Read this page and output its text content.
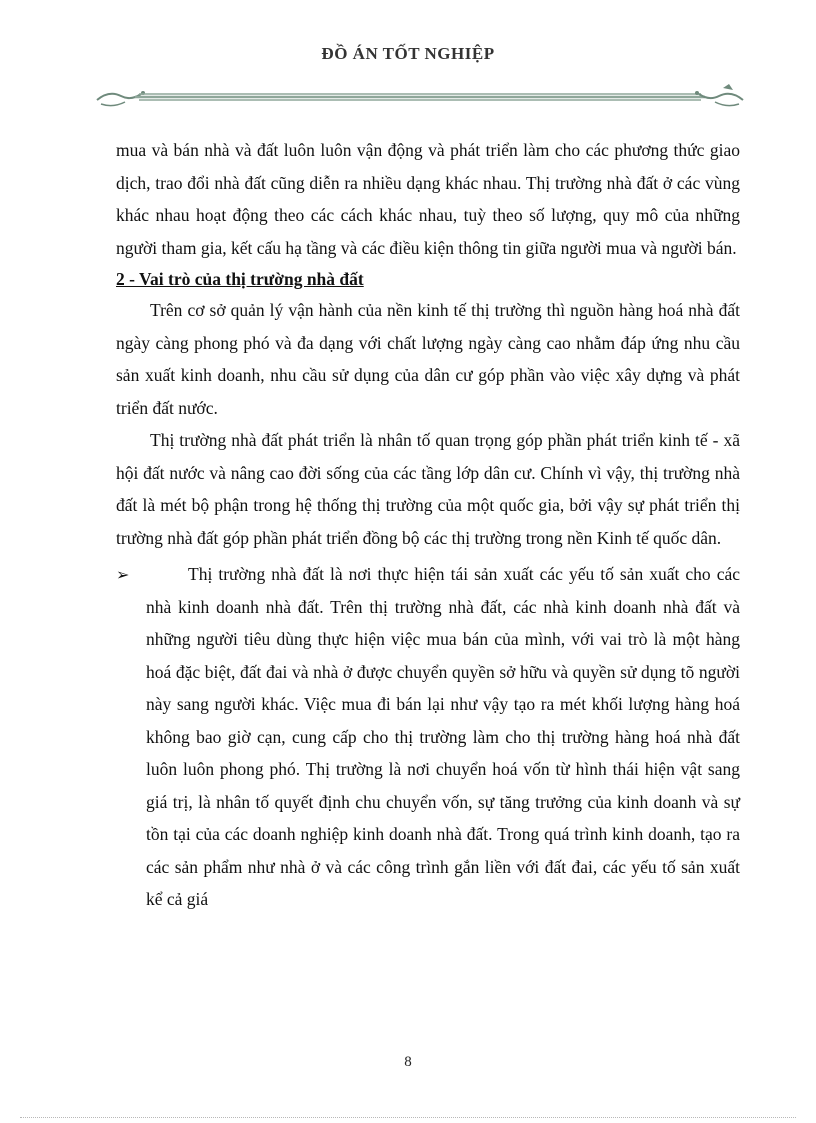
ĐỒ ÁN TỐT NGHIỆP

mua và bán nhà và đất luôn luôn vận động và phát triển làm cho các phương thức giao dịch, trao đổi nhà đất cũng diễn ra nhiều dạng khác nhau. Thị trường nhà đất ở các vùng khác nhau hoạt động theo các cách khác nhau, tuỳ theo số lượng, quy mô của những người tham gia, kết cấu hạ tầng và các điều kiện thông tin giữa người mua và người bán.

2 - Vai trò của thị trường nhà đất

Trên cơ sở quản lý vận hành của nền kinh tế thị trường thì nguồn hàng hoá nhà đất ngày càng phong phó và đa dạng với chất lượng ngày càng cao nhằm đáp ứng nhu cầu sản xuất kinh doanh, nhu cầu sử dụng của dân cư góp phần vào việc xây dựng và phát triển đất nước.

Thị trường nhà đất phát triển là nhân tố quan trọng góp phần phát triển kinh tế - xã hội đất nước và nâng cao đời sống của các tầng lớp dân cư. Chính vì vậy, thị trường nhà đất là mét bộ phận trong hệ thống thị trường của một quốc gia, bởi vậy sự phát triển thị trường nhà đất góp phần phát triển đồng bộ các thị trường trong nền Kinh tế quốc dân.

➢	Thị trường nhà đất là nơi thực hiện tái sản xuất các yếu tố sản xuất cho các nhà kinh doanh nhà đất. Trên thị trường nhà đất, các nhà kinh doanh nhà đất và những người tiêu dùng thực hiện việc mua bán của mình, với vai trò là một hàng hoá đặc biệt, đất đai và nhà ở được chuyển quyền sở hữu và quyền sử dụng tõ người này sang người khác. Việc mua đi bán lại như vậy tạo ra mét khối lượng hàng hoá không bao giờ cạn, cung cấp cho thị trường làm cho thị trường hàng hoá nhà đất luôn luôn phong phó. Thị trường là nơi chuyển hoá vốn từ hình thái hiện vật sang giá trị, là nhân tố quyết định chu chuyển vốn, sự tăng trưởng của kinh doanh và sự tồn tại của các doanh nghiệp kinh doanh nhà đất. Trong quá trình kinh doanh, tạo ra các sản phẩm như nhà ở và các công trình gắn liền với đất đai, các yếu tố sản xuất kể cả giá

8
